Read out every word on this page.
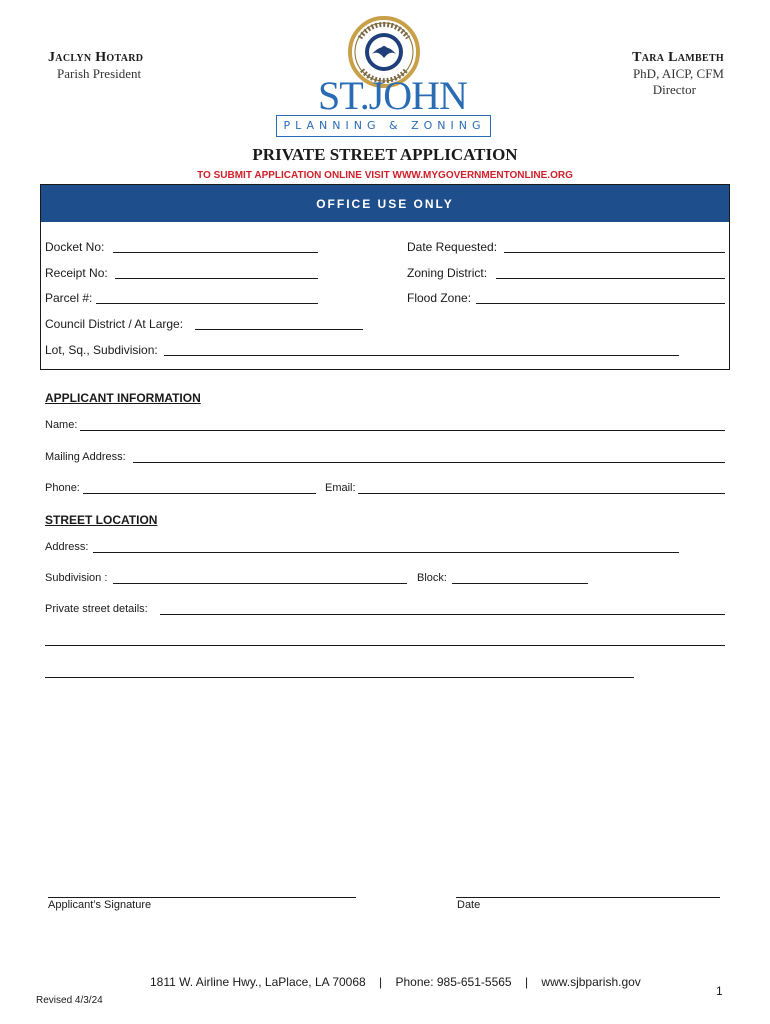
Jaclyn Hotard
Parish President
Tara Lambeth
PhD, AICP, CFM
Director
ST.JOHN
PLANNING & ZONING
PRIVATE STREET APPLICATION
TO SUBMIT APPLICATION ONLINE VISIT WWW.MYGOVERNMENTONLINE.ORG
OFFICE USE ONLY
Docket No:	Date Requested:
Receipt No:	Zoning District:
Parcel #:	Flood Zone:
Council District / At Large:
Lot, Sq., Subdivision:
APPLICANT INFORMATION
Name:
Mailing Address:
Phone:	Email:
STREET LOCATION
Address:
Subdivision :	Block:
Private street details:
Applicant’s Signature	Date
1811 W. Airline Hwy., LaPlace, LA 70068 | Phone: 985-651-5565 | www.sjbparish.gov
1
Revised 4/3/24
